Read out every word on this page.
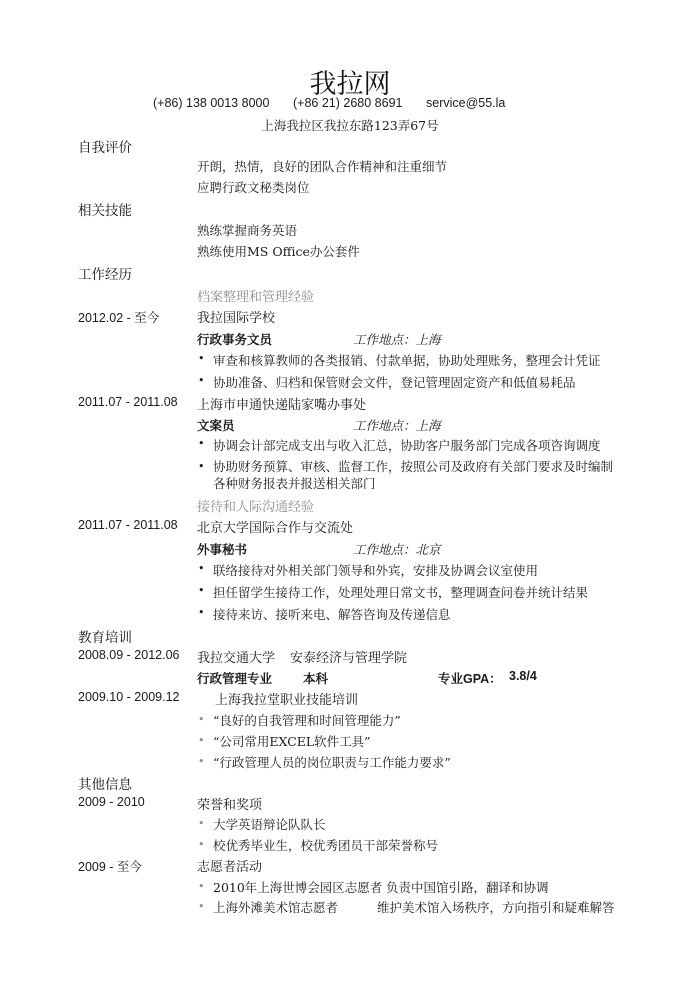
我拉网
(+86) 138 0013 8000 (+86 21) 2680 8691 service@55.la
上海我拉区我拉东路123弄67号
自我评价
开朗，热情，良好的团队合作精神和注重细节
应聘行政文秘类岗位
相关技能
熟练掌握商务英语
熟练使用MS Office办公套件
工作经历
档案整理和管理经验
2012.02 - 至今	我拉国际学校
行政事务文员	工作地点：上海
• 审查和核算教师的各类报销、付款单据，协助处理账务，整理会计凭证
• 协助准备、归档和保管财会文件，登记管理固定资产和低值易耗品
2011.07 - 2011.08 上海市申通快递陆家嘴办事处
文案员	工作地点：上海
• 协调会计部完成支出与收入汇总，协助客户服务部门完成各项咨询调度
• 协助财务预算、审核、监督工作，按照公司及政府有关部门要求及时编制各种财务报表并报送相关部门
接待和人际沟通经验
2011.07 - 2011.08 北京大学国际合作与交流处
外事秘书	工作地点：北京
• 联络接待对外相关部门领导和外宾，安排及协调会议室使用
• 担任留学生接待工作，处理处理日常文书，整理调查问卷并统计结果
• 接待来访、接听来电、解答咨询及传递信息
教育培训
2008.09 - 2012.06 我拉交通大学 安泰经济与管理学院
行政管理专业 本科	专业GPA： 3.8/4
2009.10 - 2009.12	上海我拉堂职业技能培训
• “良好的自我管理和时间管理能力”
• “公司常用EXCEL软件工具”
• “行政管理人员的岗位职责与工作能力要求”
其他信息
2009 - 2010	荣誉和奖项
• 大学英语辩论队队长
• 校优秀毕业生，校优秀团员干部荣誉称号
2009 - 至今	志愿者活动
• 2010年上海世博会园区志愿者 负责中国馆引路，翻译和协调
• 上海外滩美术馆志愿者	维护美术馆入场秩序，方向指引和疑难解答
